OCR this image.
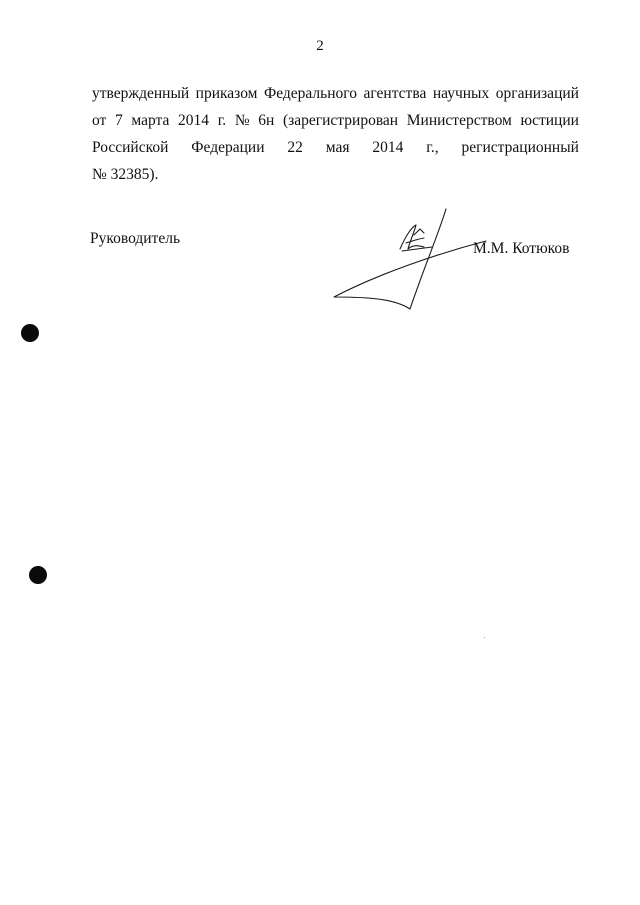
2
утвержденный приказом Федерального агентства научных организаций
от 7 марта 2014 г. № 6н (зарегистрирован Министерством юстиции
Российской Федерации 22 мая 2014 г., регистрационный
№ 32385).
Руководитель
М.М. Котюков
